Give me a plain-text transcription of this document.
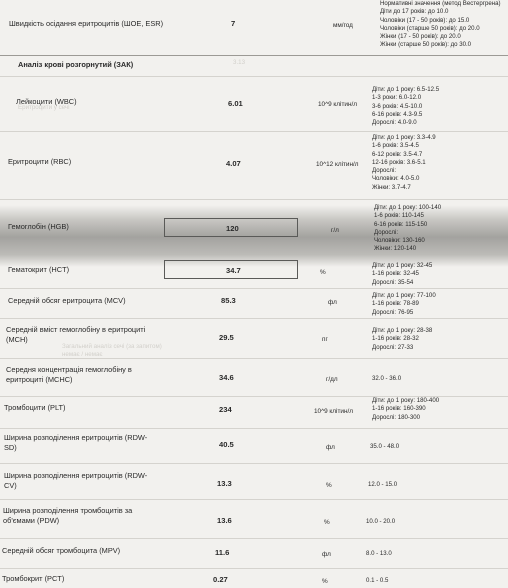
3.13
Еритроцити у сечі
Загальний аналіз сечі (за запитом)
немає / немає
Швидкість осідання еритроцитів (ШОЕ, ESR)	7	мм/год
Нормативні значення (метод Вестергрена)
Діти до 17 років: до 10.0
Чоловіки (17 - 50 років): до 15.0
Чоловіки (старше 50 років): до 20.0
Жінки (17 - 50 років): до 20.0
Жінки (старше 50 років): до 30.0
Аналіз крові розгорнутий (ЗАК)
Лейкоцити (WBC)	6.01	10^9 клітин/л
Діти: до 1 року: 6.5-12.5
1-3 роки: 6.0-12.0
3-6 років: 4.5-10.0
6-16 років: 4.3-9.5
Дорослі: 4.0-9.0
Еритроцити (RBC)	4.07	10^12 клітин/л
Діти: до 1 року: 3.3-4.9
1-6 років: 3.5-4.5
6-12 років: 3.5-4.7
12-16 років: 3.6-5.1
Дорослі:
Чоловіки: 4.0-5.0
Жінки: 3.7-4.7
Гемоглобін (HGB)	120	г/л
Діти: до 1 року: 100-140
1-6 років: 110-145
6-16 років: 115-150
Дорослі:
Чоловіки: 130-160
Жінки: 120-140
Гематокрит (HCT)	34.7	%
Діти: до 1 року: 32-45
1-16 років: 32-45
Дорослі: 35-54
Середній обсяг еритроцита (MCV)	85.3	фл
Діти: до 1 року: 77-100
1-16 років: 78-89
Дорослі: 76-95
Середній вміст гемоглобіну в еритроциті (MCH)	29.5	пг
Діти: до 1 року: 28-38
1-16 років: 28-32
Дорослі: 27-33
Середня концентрація гемоглобіну в еритроциті (MCHC)	34.6	г/дл	32.0 - 36.0
Тромбоцити (PLT)	234	10^9 клітин/л
Діти: до 1 року: 180-400
1-16 років: 160-390
Дорослі: 180-300
Ширина розподілення еритроцитів (RDW-SD)	40.5	фл	35.0 - 48.0
Ширина розподілення еритроцитів (RDW-CV)	13.3	%	12.0 - 15.0
Ширина розподілення тромбоцитів за об'ємами (PDW)	13.6	%	10.0 - 20.0
Середній обсяг тромбоцита (MPV)	11.6	фл	8.0 - 13.0
Тромбокрит (PCT)	0.27	%	0.1 - 0.5
